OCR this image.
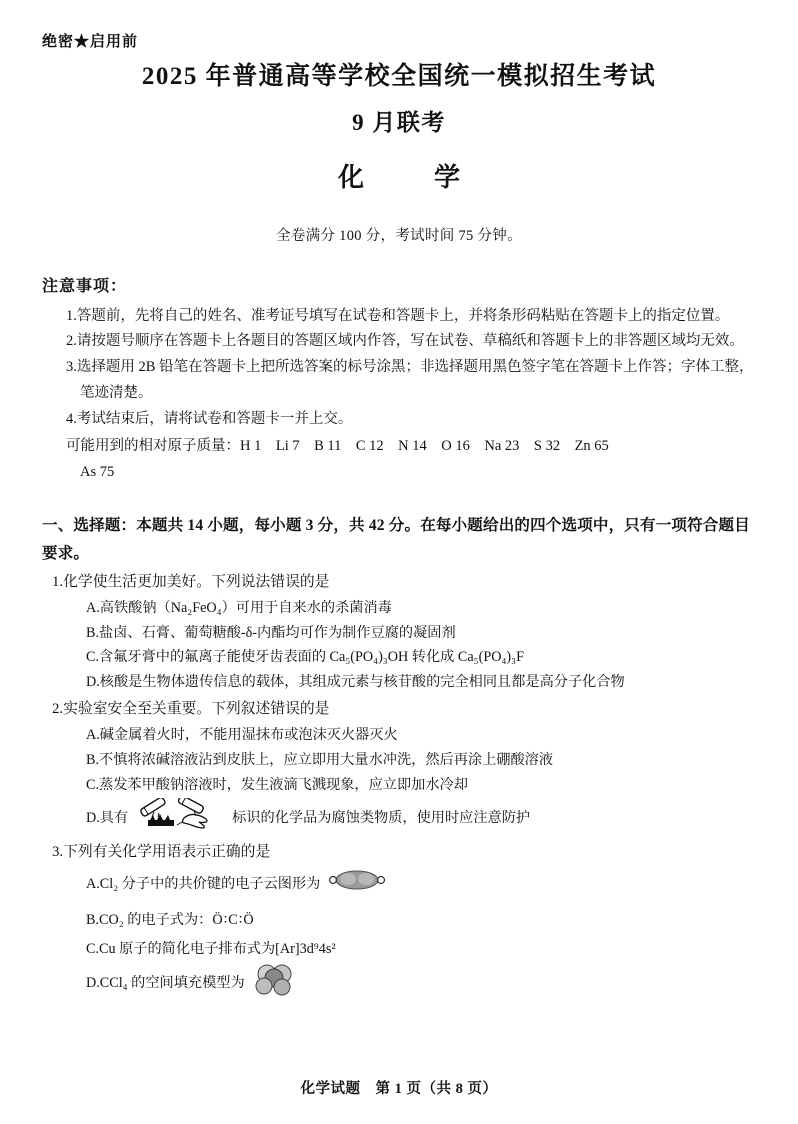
绝密★启用前
2025 年普通高等学校全国统一模拟招生考试
9 月联考
化　学
全卷满分 100 分，考试时间 75 分钟。
注意事项：
1.答题前，先将自己的姓名、准考证号填写在试卷和答题卡上，并将条形码粘贴在答题卡上的指定位置。
2.请按题号顺序在答题卡上各题目的答题区域内作答，写在试卷、草稿纸和答题卡上的非答题区域均无效。
3.选择题用 2B 铅笔在答题卡上把所选答案的标号涂黑；非选择题用黑色签字笔在答题卡上作答；字体工整，笔迹清楚。
4.考试结束后，请将试卷和答题卡一并上交。
可能用到的相对原子质量：H 1　Li 7　B 11　C 12　N 14　O 16　Na 23　S 32　Zn 65
As 75
一、选择题：本题共 14 小题，每小题 3 分，共 42 分。在每小题给出的四个选项中，只有一项符合题目要求。
1.化学使生活更加美好。下列说法错误的是
A.高铁酸钠（Na₂FeO₄）可用于自来水的杀菌消毒
B.盐卤、石膏、葡萄糖酸-δ-内酯均可作为制作豆腐的凝固剂
C.含氟牙膏中的氟离子能使牙齿表面的 Ca₅(PO₄)₃OH 转化成 Ca₅(PO₄)₃F
D.核酸是生物体遗传信息的载体，其组成元素与核苷酸的完全相同且都是高分子化合物
2.实验室安全至关重要。下列叙述错误的是
A.碱金属着火时，不能用湿抹布或泡沫灭火器灭火
B.不慎将浓碱溶液沾到皮肤上，应立即用大量水冲洗，然后再涂上硼酸溶液
C.蒸发苯甲酸钠溶液时，发生液滴飞溅现象，应立即加水冷却
D.具有	标识的化学品为腐蚀类物质，使用时应注意防护
3.下列有关化学用语表示正确的是
A.Cl₂ 分子中的共价键的电子云图形为
B.CO₂ 的电子式为： Ö∶C∶Ö
C.Cu 原子的简化电子排布式为[Ar]3d⁹4s²
D.CCl₄ 的空间填充模型为
化学试题　第 1 页（共 8 页）
